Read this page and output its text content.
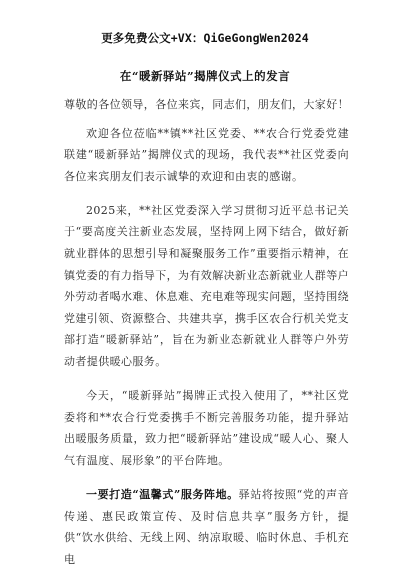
更多免费公文+VX：QiGeGongWen2024
在“暖新驿站”揭牌仪式上的发言

尊敬的各位领导，各位来宾，同志们，朋友们，大家好！

欢迎各位莅临**镇**社区党委、**农合行党委党建联建“暖新驿站”揭牌仪式的现场，我代表**社区党委向各位来宾朋友们表示诚挚的欢迎和由衷的感谢。

2025来，**社区党委深入学习贯彻习近平总书记关于“要高度关注新业态发展，坚持网上网下结合，做好新就业群体的思想引导和凝聚服务工作”重要指示精神，在镇党委的有力指导下，为有效解决新业态新就业人群等户外劳动者喝水难、休息难、充电难等现实问题，坚持围绕党建引领、资源整合、共建共享，携手区农合行机关党支部打造“暖新驿站”，旨在为新业态新就业人群等户外劳动者提供暖心服务。

今天，“暖新驿站”揭牌正式投入使用了，**社区党委将和**农合行党委携手不断完善服务功能，提升驿站出暖服务质量，致力把“暖新驿站”建设成“暖人心、聚人气有温度、展形象”的平台阵地。

一要打造“温馨式”服务阵地。驿站将按照“党的声音传递、惠民政策宣传、及时信息共享”服务方针，提供“饮水供给、无线上网、纳凉取暖、临时休息、手机充电
